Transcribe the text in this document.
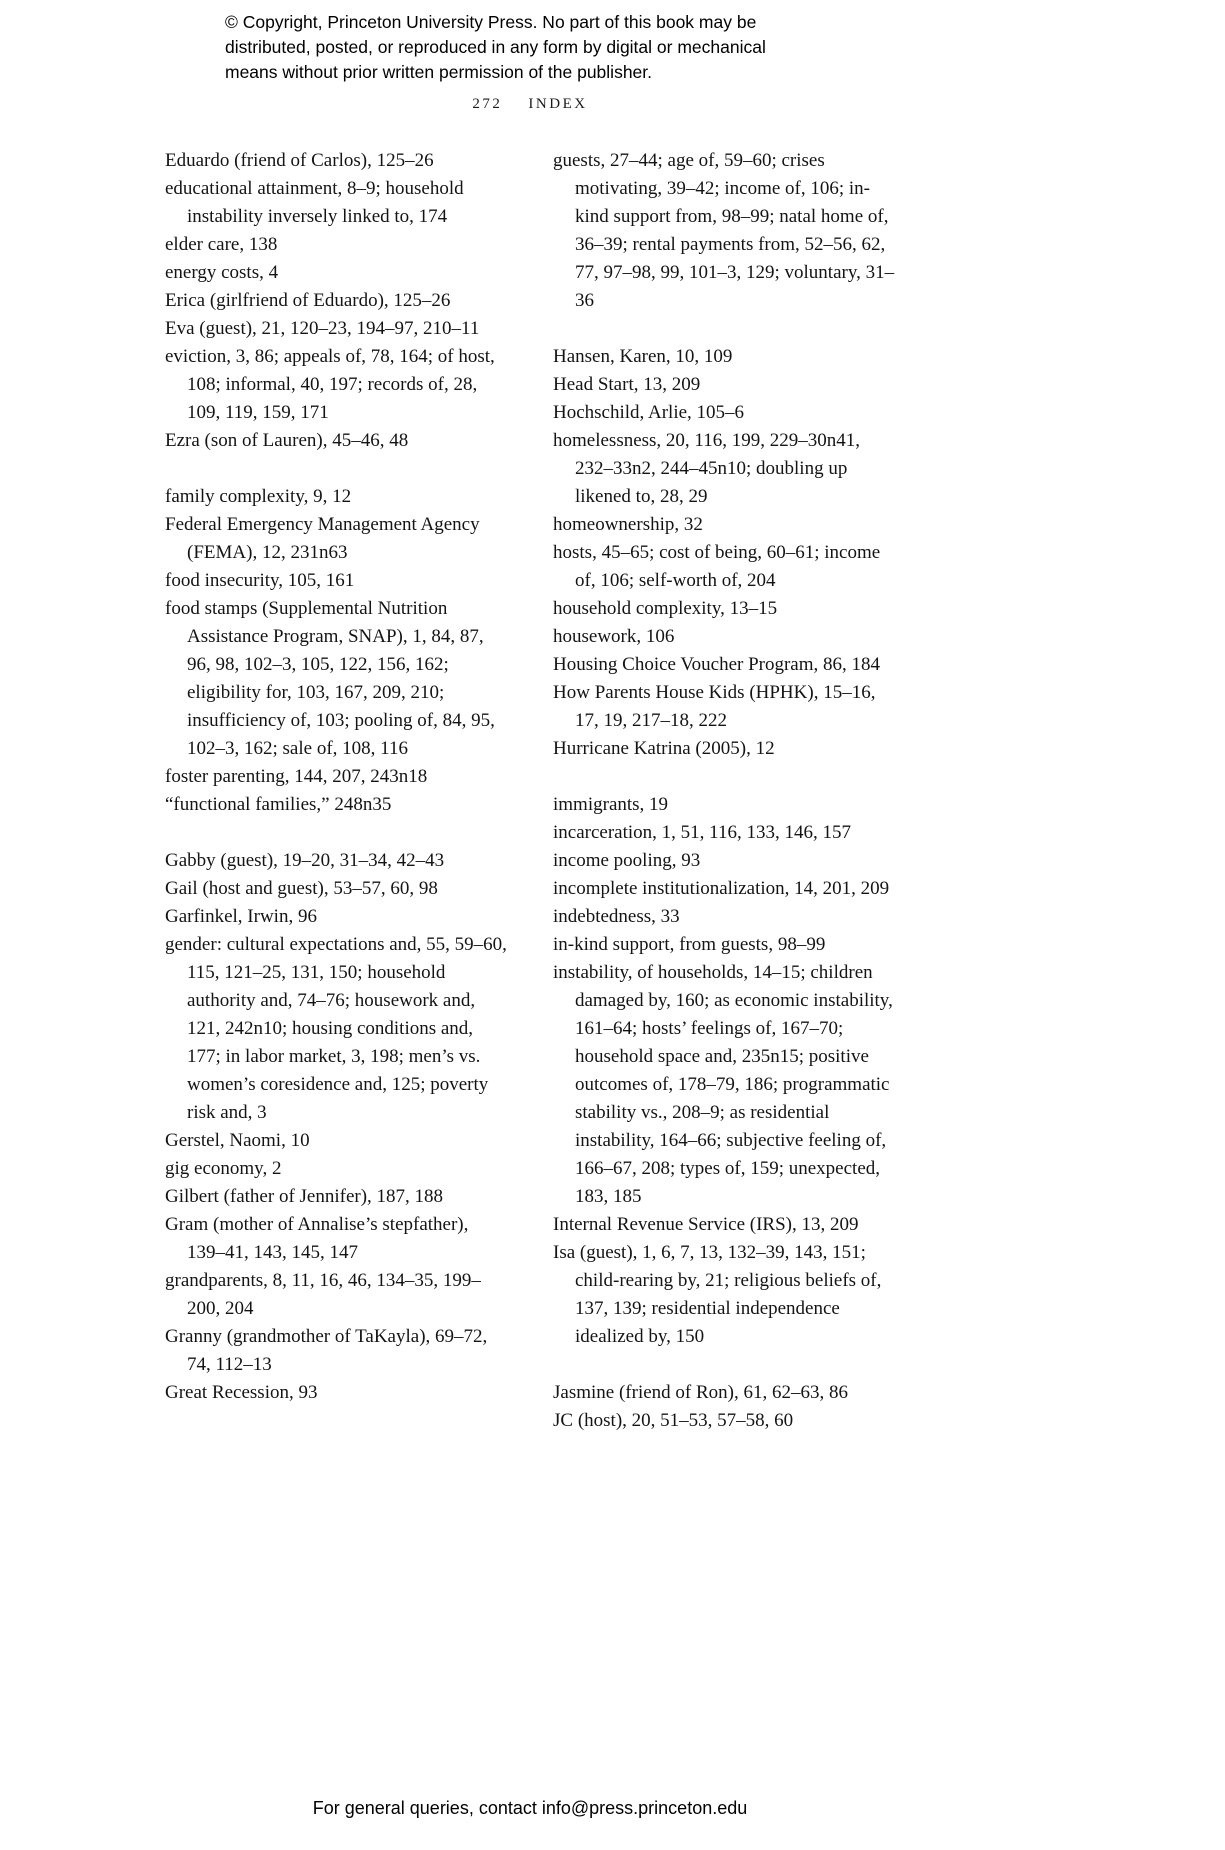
© Copyright, Princeton University Press. No part of this book may be
distributed, posted, or reproduced in any form by digital or mechanical
means without prior written permission of the publisher.
272 INDEX
Eduardo (friend of Carlos), 125–26
educational attainment, 8–9; household instability inversely linked to, 174
elder care, 138
energy costs, 4
Erica (girlfriend of Eduardo), 125–26
Eva (guest), 21, 120–23, 194–97, 210–11
eviction, 3, 86; appeals of, 78, 164; of host, 108; informal, 40, 197; records of, 28, 109, 119, 159, 171
Ezra (son of Lauren), 45–46, 48
family complexity, 9, 12
Federal Emergency Management Agency (FEMA), 12, 231n63
food insecurity, 105, 161
food stamps (Supplemental Nutrition Assistance Program, SNAP), 1, 84, 87, 96, 98, 102–3, 105, 122, 156, 162; eligibility for, 103, 167, 209, 210; insufficiency of, 103; pooling of, 84, 95, 102–3, 162; sale of, 108, 116
foster parenting, 144, 207, 243n18
“functional families,” 248n35
Gabby (guest), 19–20, 31–34, 42–43
Gail (host and guest), 53–57, 60, 98
Garfinkel, Irwin, 96
gender: cultural expectations and, 55, 59–60, 115, 121–25, 131, 150; household authority and, 74–76; housework and, 121, 242n10; housing conditions and, 177; in labor market, 3, 198; men’s vs. women’s coresidence and, 125; poverty risk and, 3
Gerstel, Naomi, 10
gig economy, 2
Gilbert (father of Jennifer), 187, 188
Gram (mother of Annalise’s stepfather), 139–41, 143, 145, 147
grandparents, 8, 11, 16, 46, 134–35, 199–200, 204
Granny (grandmother of TaKayla), 69–72, 74, 112–13
Great Recession, 93
guests, 27–44; age of, 59–60; crises motivating, 39–42; income of, 106; in-kind support from, 98–99; natal home of, 36–39; rental payments from, 52–56, 62, 77, 97–98, 99, 101–3, 129; voluntary, 31–36
Hansen, Karen, 10, 109
Head Start, 13, 209
Hochschild, Arlie, 105–6
homelessness, 20, 116, 199, 229–30n41, 232–33n2, 244–45n10; doubling up likened to, 28, 29
homeownership, 32
hosts, 45–65; cost of being, 60–61; income of, 106; self-worth of, 204
household complexity, 13–15
housework, 106
Housing Choice Voucher Program, 86, 184
How Parents House Kids (HPHK), 15–16, 17, 19, 217–18, 222
Hurricane Katrina (2005), 12
immigrants, 19
incarceration, 1, 51, 116, 133, 146, 157
income pooling, 93
incomplete institutionalization, 14, 201, 209
indebtedness, 33
in-kind support, from guests, 98–99
instability, of households, 14–15; children damaged by, 160; as economic instability, 161–64; hosts’ feelings of, 167–70; household space and, 235n15; positive outcomes of, 178–79, 186; programmatic stability vs., 208–9; as residential instability, 164–66; subjective feeling of, 166–67, 208; types of, 159; unexpected, 183, 185
Internal Revenue Service (IRS), 13, 209
Isa (guest), 1, 6, 7, 13, 132–39, 143, 151; child-rearing by, 21; religious beliefs of, 137, 139; residential independence idealized by, 150
Jasmine (friend of Ron), 61, 62–63, 86
JC (host), 20, 51–53, 57–58, 60
For general queries, contact info@press.princeton.edu
